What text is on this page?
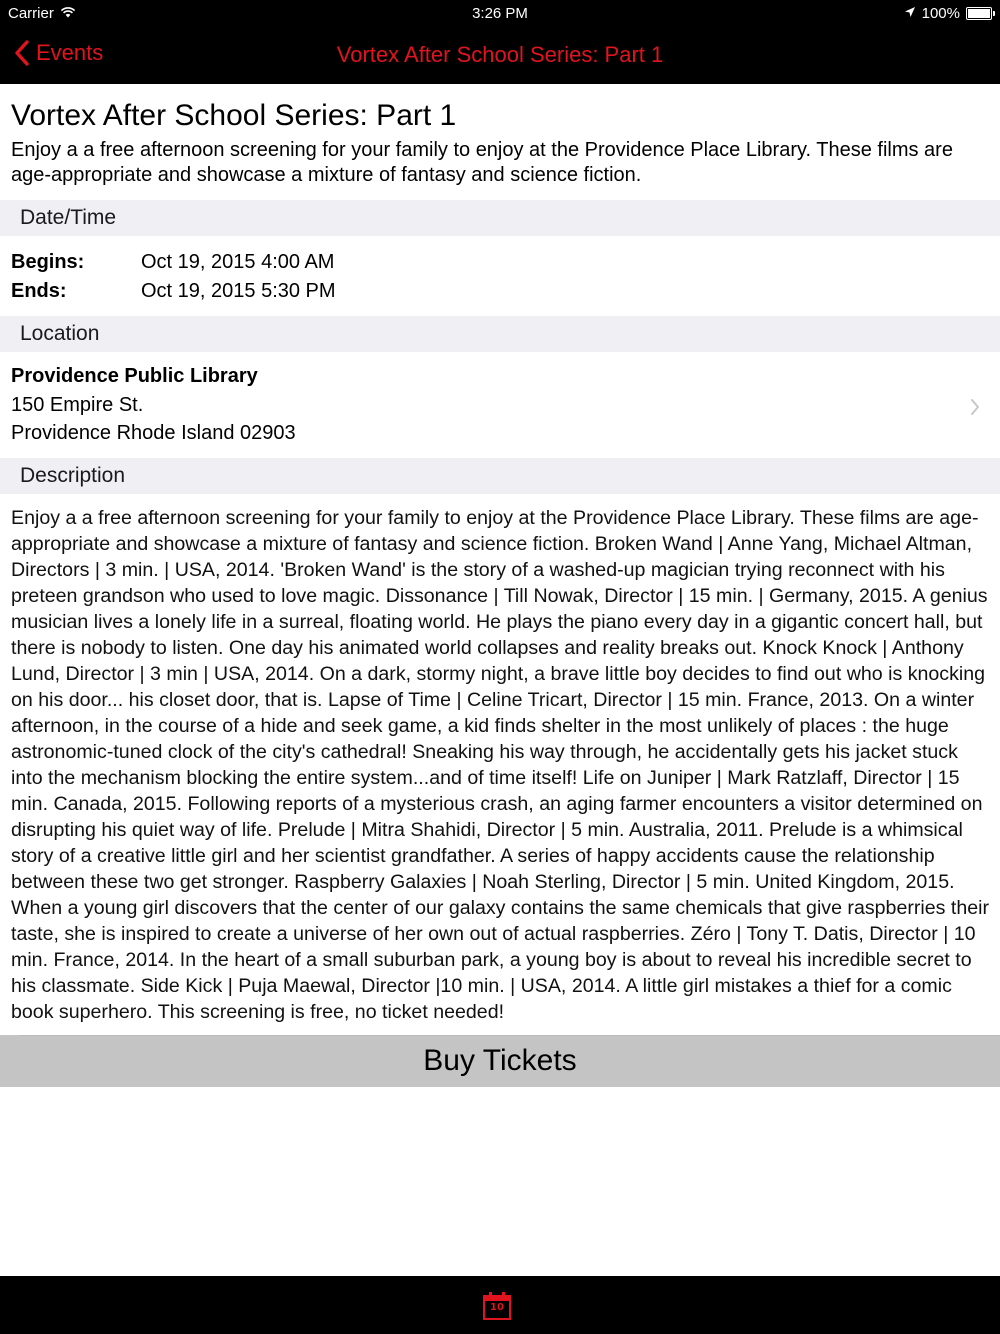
Carrier	3:26 PM	100%
Events	Vortex After School Series: Part 1
Vortex After School Series: Part 1
Enjoy a a free afternoon screening for your family to enjoy at the Providence Place Library. These films are age-appropriate and showcase a mixture of fantasy and science fiction.
Date/Time
Begins:	Oct 19, 2015 4:00 AM
Ends:	Oct 19, 2015 5:30 PM
Location
Providence Public Library
150 Empire St.
Providence Rhode Island 02903
Description
Enjoy a a free afternoon screening for your family to enjoy at the Providence Place Library. These films are age-appropriate and showcase a mixture of fantasy and science fiction. Broken Wand | Anne Yang, Michael Altman, Directors | 3 min. | USA, 2014. 'Broken Wand' is the story of a washed-up magician trying reconnect with his preteen grandson who used to love magic. Dissonance | Till Nowak, Director | 15 min. | Germany, 2015. A genius musician lives a lonely life in a surreal, floating world. He plays the piano every day in a gigantic concert hall, but there is nobody to listen. One day his animated world collapses and reality breaks out. Knock Knock | Anthony Lund, Director | 3 min | USA, 2014. On a dark, stormy night, a brave little boy decides to find out who is knocking on his door... his closet door, that is. Lapse of Time | Celine Tricart, Director | 15 min. France, 2013. On a winter afternoon, in the course of a hide and seek game, a kid finds shelter in the most unlikely of places : the huge astronomic-tuned clock of the city's cathedral! Sneaking his way through, he accidentally gets his jacket stuck into the mechanism blocking the entire system...and of time itself! Life on Juniper | Mark Ratzlaff, Director | 15 min. Canada, 2015. Following reports of a mysterious crash, an aging farmer encounters a visitor determined on disrupting his quiet way of life. Prelude | Mitra Shahidi, Director | 5 min. Australia, 2011. Prelude is a whimsical story of a creative little girl and her scientist grandfather. A series of happy accidents cause the relationship between these two get stronger. Raspberry Galaxies | Noah Sterling, Director | 5 min. United Kingdom, 2015. When a young girl discovers that the center of our galaxy contains the same chemicals that give raspberries their taste, she is inspired to create a universe of her own out of actual raspberries. Zéro | Tony T. Datis, Director | 10 min. France, 2014. In the heart of a small suburban park, a young boy is about to reveal his incredible secret to his classmate. Side Kick | Puja Maewal, Director |10 min. | USA, 2014. A little girl mistakes a thief for a comic book superhero. This screening is free, no ticket needed!
Buy Tickets
10
